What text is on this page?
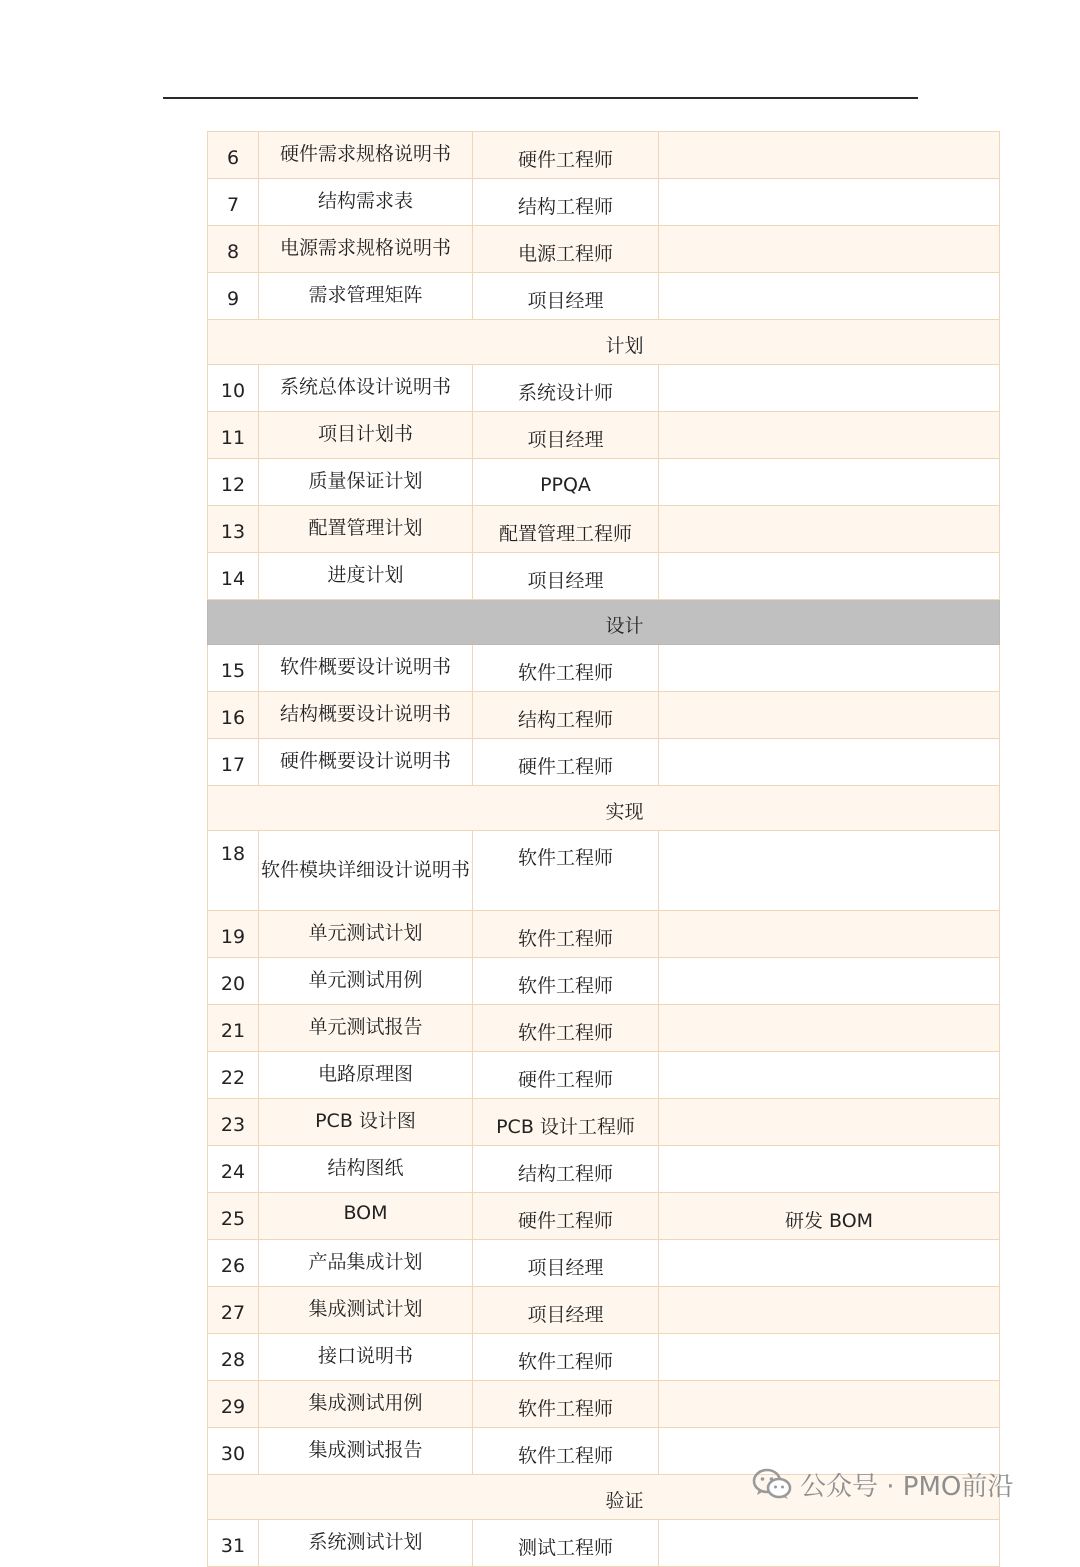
6	硬件需求规格说明书	硬件工程师	
7	结构需求表	结构工程师	
8	电源需求规格说明书	电源工程师	
9	需求管理矩阵	项目经理	
计划			
10	系统总体设计说明书	系统设计师	
11	项目计划书	项目经理	
12	质量保证计划	PPQA	
13	配置管理计划	配置管理工程师	
14	进度计划	项目经理	
设计			
15	软件概要设计说明书	软件工程师	
16	结构概要设计说明书	结构工程师	
17	硬件概要设计说明书	硬件工程师	
实现			
18	软件模块详细设计说明书	软件工程师	
19	单元测试计划	软件工程师	
20	单元测试用例	软件工程师	
21	单元测试报告	软件工程师	
22	电路原理图	硬件工程师	
23	PCB 设计图	PCB 设计工程师	
24	结构图纸	结构工程师	
25	BOM	硬件工程师	研发 BOM
26	产品集成计划	项目经理	
27	集成测试计划	项目经理	
28	接口说明书	软件工程师	
29	集成测试用例	软件工程师	
30	集成测试报告	软件工程师	
验证			
31	系统测试计划	测试工程师	
公众号 · PMO前沿
